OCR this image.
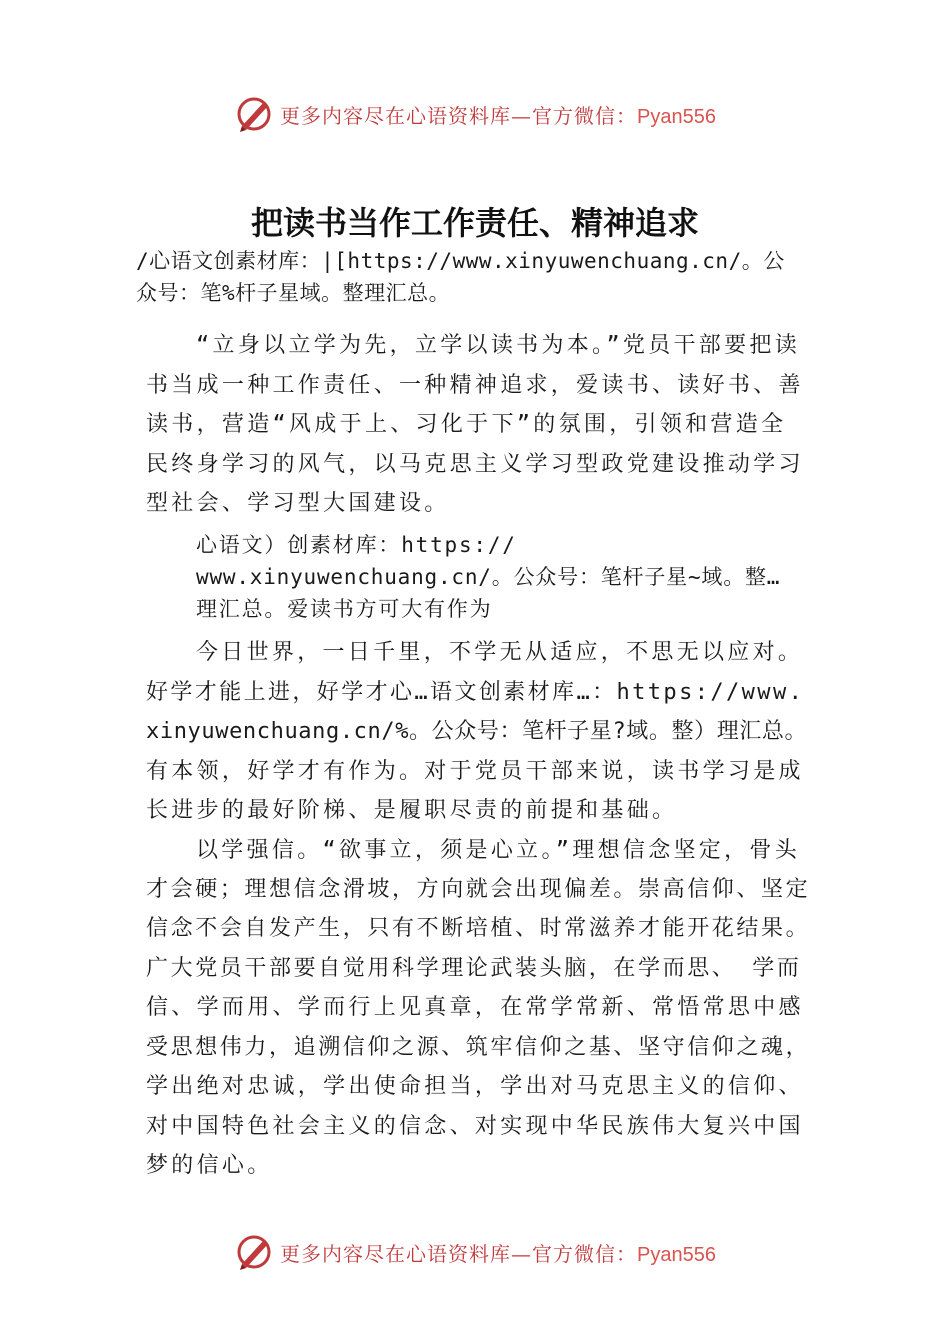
更多内容尽在心语资料库—官方微信：Pyan556
把读书当作工作责任、精神追求
/心语文创素材库：|[https://www.xinyuwenchuang.cn/。公
众号：笔%杆子星域。整理汇总。
“立身以立学为先，立学以读书为本。”党员干部要把读
书当成一种工作责任、一种精神追求，爱读书、读好书、善
读书，营造“风成于上、习化于下”的氛围，引领和营造全
民终身学习的风气，以马克思主义学习型政党建设推动学习
型社会、学习型大国建设。
心语文）创素材库：https://
www.xinyuwenchuang.cn/。公众号：笔杆子星~域。整…
理汇总。爱读书方可大有作为
今日世界，一日千里，不学无从适应，不思无以应对。
好学才能上进，好学才心…语文创素材库…：https://www.
xinyuwenchuang.cn/%。公众号：笔杆子星?域。整）理汇总。
有本领，好学才有作为。对于党员干部来说，读书学习是成
长进步的最好阶梯、是履职尽责的前提和基础。
以学强信。“欲事立，须是心立。”理想信念坚定，骨头
才会硬；理想信念滑坡，方向就会出现偏差。崇高信仰、坚定
信念不会自发产生，只有不断培植、时常滋养才能开花结果。
广大党员干部要自觉用科学理论武装头脑，在学而思、 学而
信、学而用、学而行上见真章，在常学常新、常悟常思中感
受思想伟力，追溯信仰之源、筑牢信仰之基、坚守信仰之魂，
学出绝对忠诚，学出使命担当，学出对马克思主义的信仰、
对中国特色社会主义的信念、对实现中华民族伟大复兴中国
梦的信心。
更多内容尽在心语资料库—官方微信：Pyan556
